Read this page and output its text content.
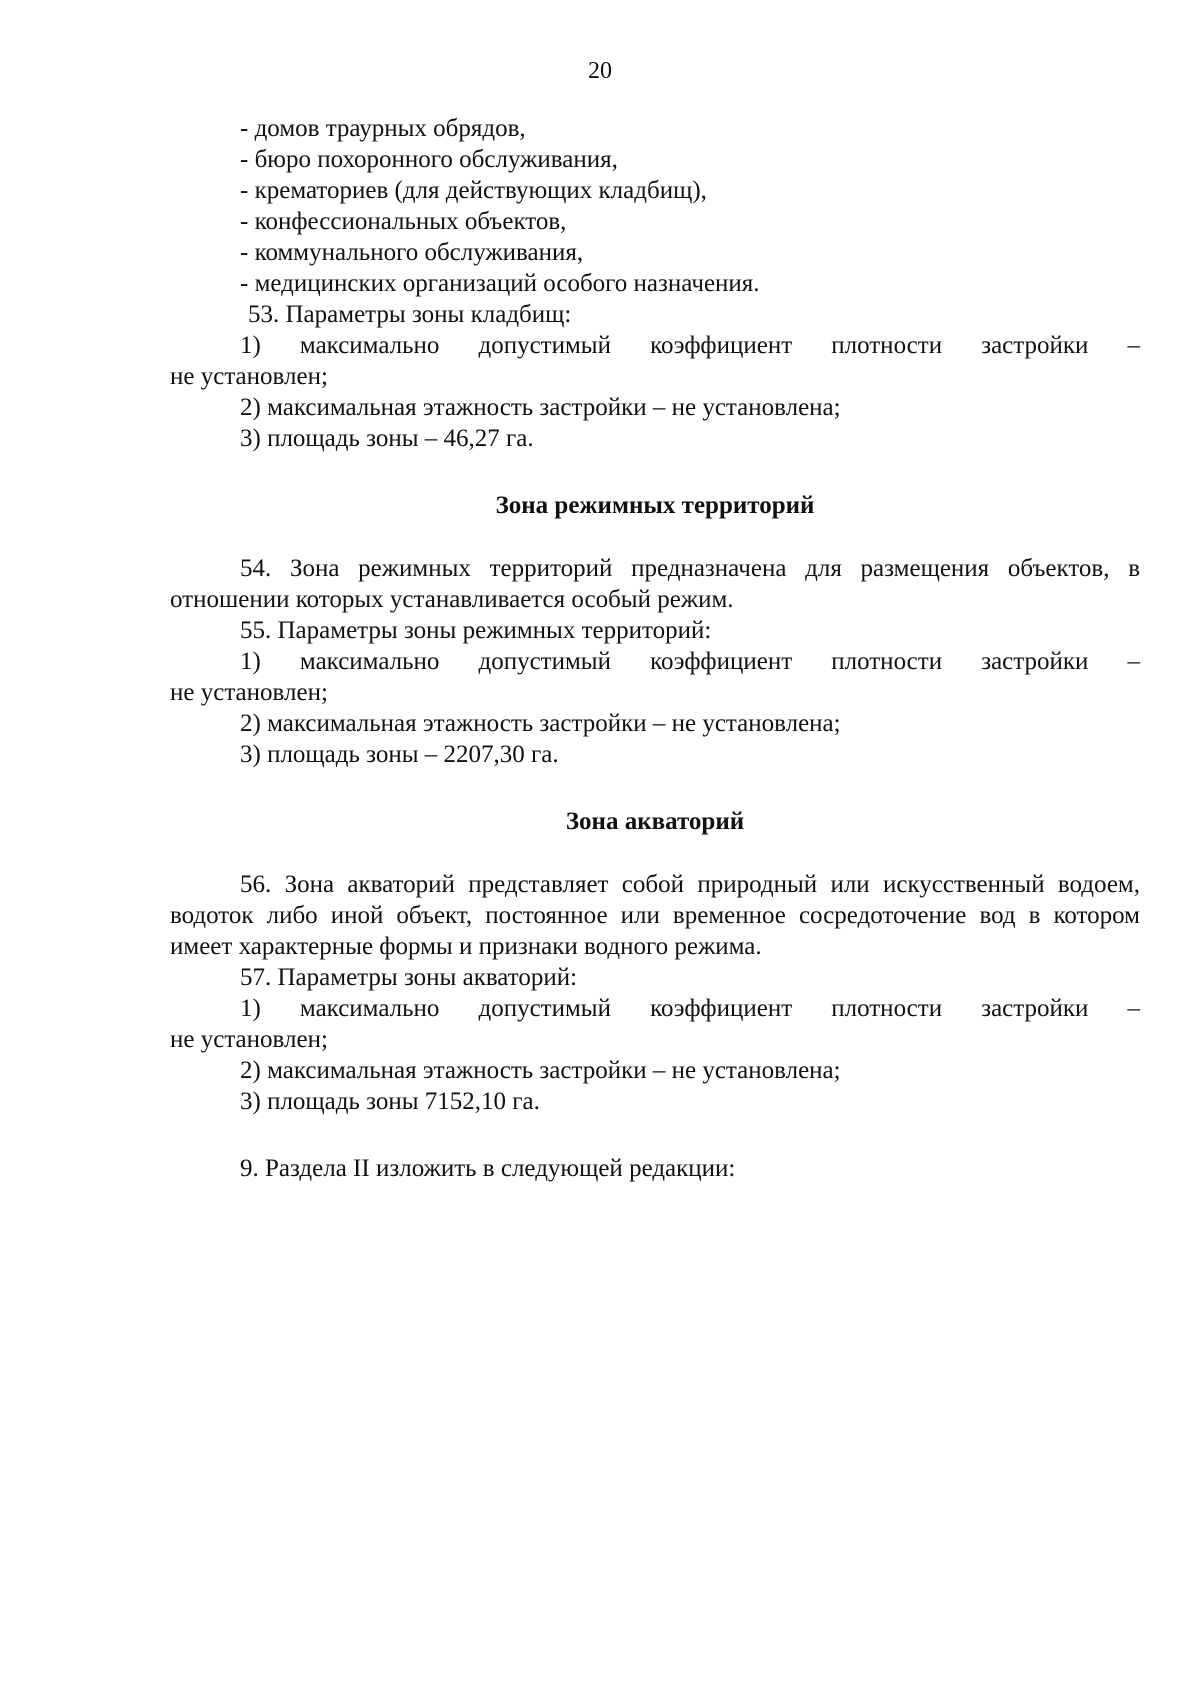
20

- домов траурных обрядов,

- бюро похоронного обслуживания,

- крематориев (для действующих кладбищ),

- конфессиональных объектов,

- коммунального обслуживания,

- медицинских организаций особого назначения.

53. Параметры зоны кладбищ:

1) максимально допустимый коэффициент плотности застройки –

не установлен;

2) максимальная этажность застройки – не установлена;

3) площадь зоны – 46,27 га.

Зона режимных территорий

54. Зона режимных территорий предназначена для размещения объектов, в отношении которых устанавливается особый режим.

55. Параметры зоны режимных территорий:

1) максимально допустимый коэффициент плотности застройки –

не установлен;

2) максимальная этажность застройки – не установлена;

3) площадь зоны – 2207,30 га.

Зона акваторий

56. Зона акваторий представляет собой природный или искусственный водоем, водоток либо иной объект, постоянное или временное сосредоточение вод в котором имеет характерные формы и признаки водного режима.

57. Параметры зоны акваторий:

1) максимально допустимый коэффициент плотности застройки –

не установлен;

2) максимальная этажность застройки – не установлена;

3) площадь зоны 7152,10 га.

9. Раздела II изложить в следующей редакции:
